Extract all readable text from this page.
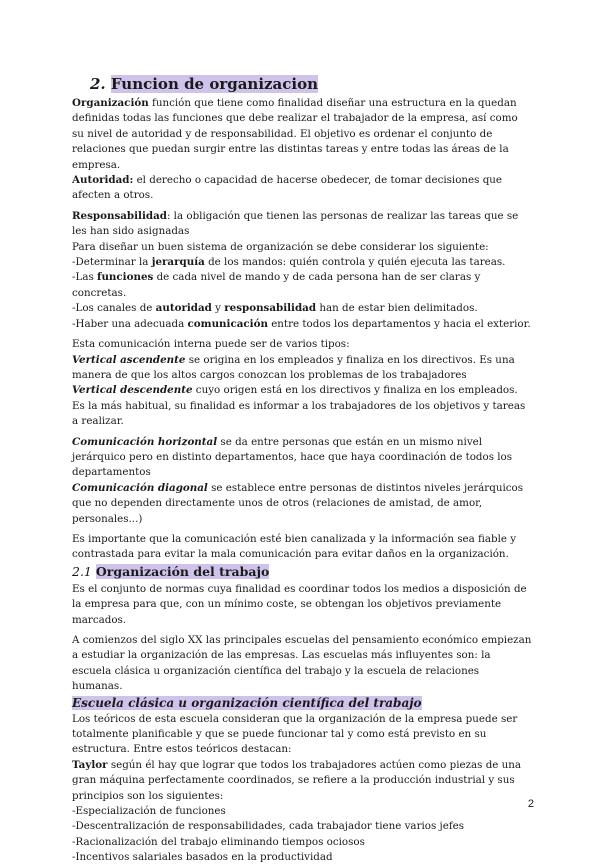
2. Funcion de organizacion

Organización función que tiene como finalidad diseñar una estructura en la quedan definidas todas las funciones que debe realizar el trabajador de la empresa, así como su nivel de autoridad y de responsabilidad. El objetivo es ordenar el conjunto de relaciones que puedan surgir entre las distintas tareas y entre todas las áreas de la empresa.

Autoridad: el derecho o capacidad de hacerse obedecer, de tomar decisiones que afecten a otros.

Responsabilidad: la obligación que tienen las personas de realizar las tareas que se les han sido asignadas

Para diseñar un buen sistema de organización se debe considerar los siguiente:

-Determinar la jerarquía de los mandos: quién controla y quién ejecuta las tareas.

-Las funciones de cada nivel de mando y de cada persona han de ser claras y concretas.

-Los canales de autoridad y responsabilidad han de estar bien delimitados.

-Haber una adecuada comunicación entre todos los departamentos y hacia el exterior.

Esta comunicación interna puede ser de varios tipos:

Vertical ascendente se origina en los empleados y finaliza en los directivos. Es una manera de que los altos cargos conozcan los problemas de los trabajadores

Vertical descendente cuyo origen está en los directivos y finaliza en los empleados. Es la más habitual, su finalidad es informar a los trabajadores de los objetivos y tareas a realizar.

Comunicación horizontal se da entre personas que están en un mismo nivel jerárquico pero en distinto departamentos, hace que haya coordinación de todos los departamentos

Comunicación diagonal se establece entre personas de distintos niveles jerárquicos que no dependen directamente unos de otros (relaciones de amistad, de amor, personales...)

Es importante que la comunicación esté bien canalizada y la información sea fiable y contrastada para evitar la mala comunicación para evitar daños en la organización.

2.1 Organización del trabajo

Es el conjunto de normas cuya finalidad es coordinar todos los medios a disposición de la empresa para que, con un mínimo coste, se obtengan los objetivos previamente marcados.

A comienzos del siglo XX las principales escuelas del pensamiento económico empiezan a estudiar la organización de las empresas. Las escuelas más influyentes son: la escuela clásica u organización científica del trabajo y la escuela de relaciones humanas.

Escuela clásica u organización científica del trabajo

Los teóricos de esta escuela consideran que la organización de la empresa puede ser totalmente planificable y que se puede funcionar tal y como está previsto en su estructura. Entre estos teóricos destacan:

Taylor según él hay que lograr que todos los trabajadores actúen como piezas de una gran máquina perfectamente coordinados, se refiere a la producción industrial y sus principios son los siguientes:

-Especialización de funciones

-Descentralización de responsabilidades, cada trabajador tiene varios jefes

-Racionalización del trabajo eliminando tiempos ociosos

-Incentivos salariales basados en la productividad

2
